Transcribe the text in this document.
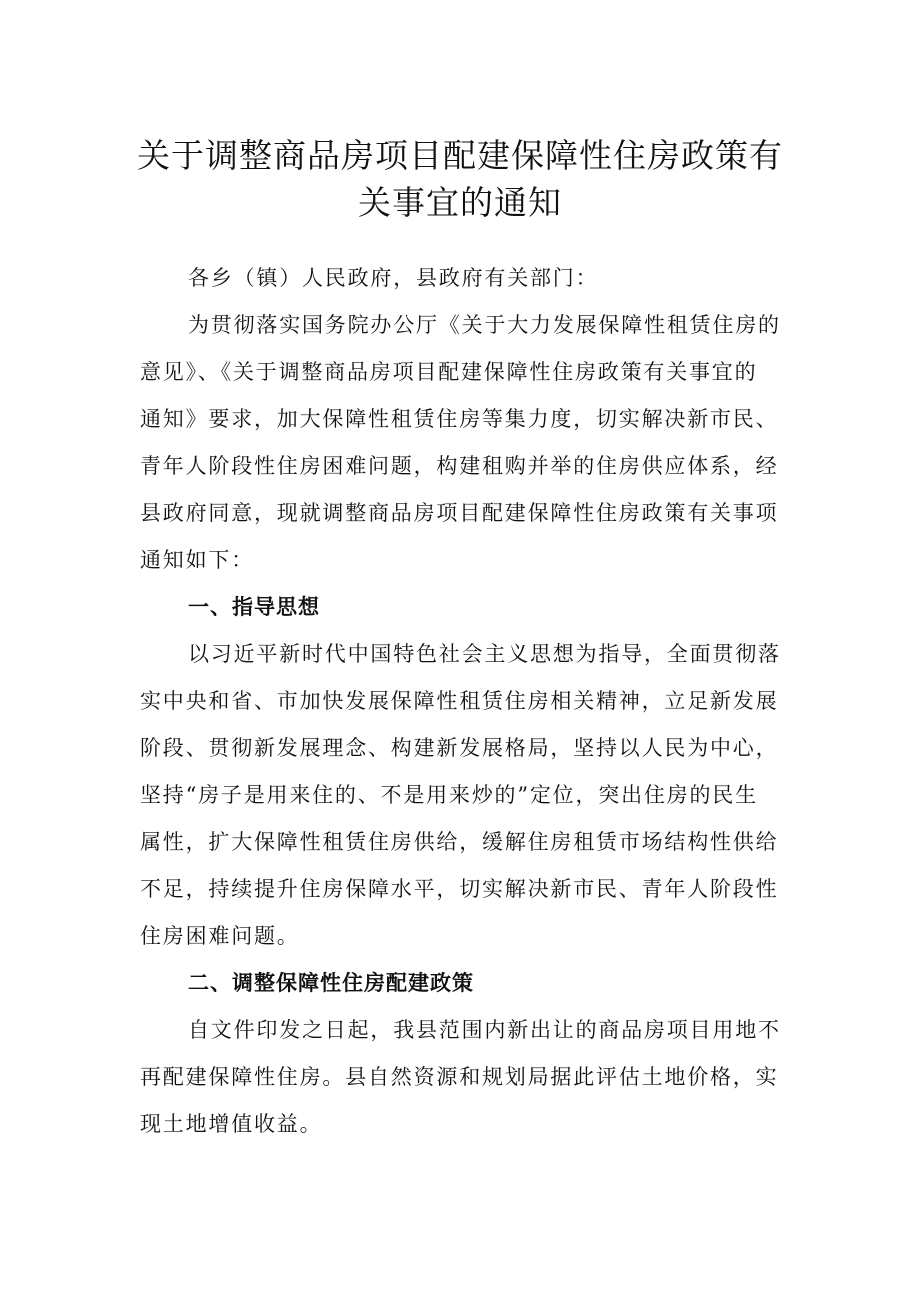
关于调整商品房项目配建保障性住房政策有
关事宜的通知
各乡（镇）人民政府，县政府有关部门：
为贯彻落实国务院办公厅《关于大力发展保障性租赁住房的
意见》、《关于调整商品房项目配建保障性住房政策有关事宜的
通知》要求，加大保障性租赁住房等集力度，切实解决新市民、
青年人阶段性住房困难问题，构建租购并举的住房供应体系，经
县政府同意，现就调整商品房项目配建保障性住房政策有关事项
通知如下：
一、指导思想
以习近平新时代中国特色社会主义思想为指导，全面贯彻落
实中央和省、市加快发展保障性租赁住房相关精神，立足新发展
阶段、贯彻新发展理念、构建新发展格局，坚持以人民为中心，
坚持“房子是用来住的、不是用来炒的”定位，突出住房的民生
属性，扩大保障性租赁住房供给，缓解住房租赁市场结构性供给
不足，持续提升住房保障水平，切实解决新市民、青年人阶段性
住房困难问题。
二、调整保障性住房配建政策
自文件印发之日起，我县范围内新出让的商品房项目用地不
再配建保障性住房。县自然资源和规划局据此评估土地价格，实
现土地增值收益。
